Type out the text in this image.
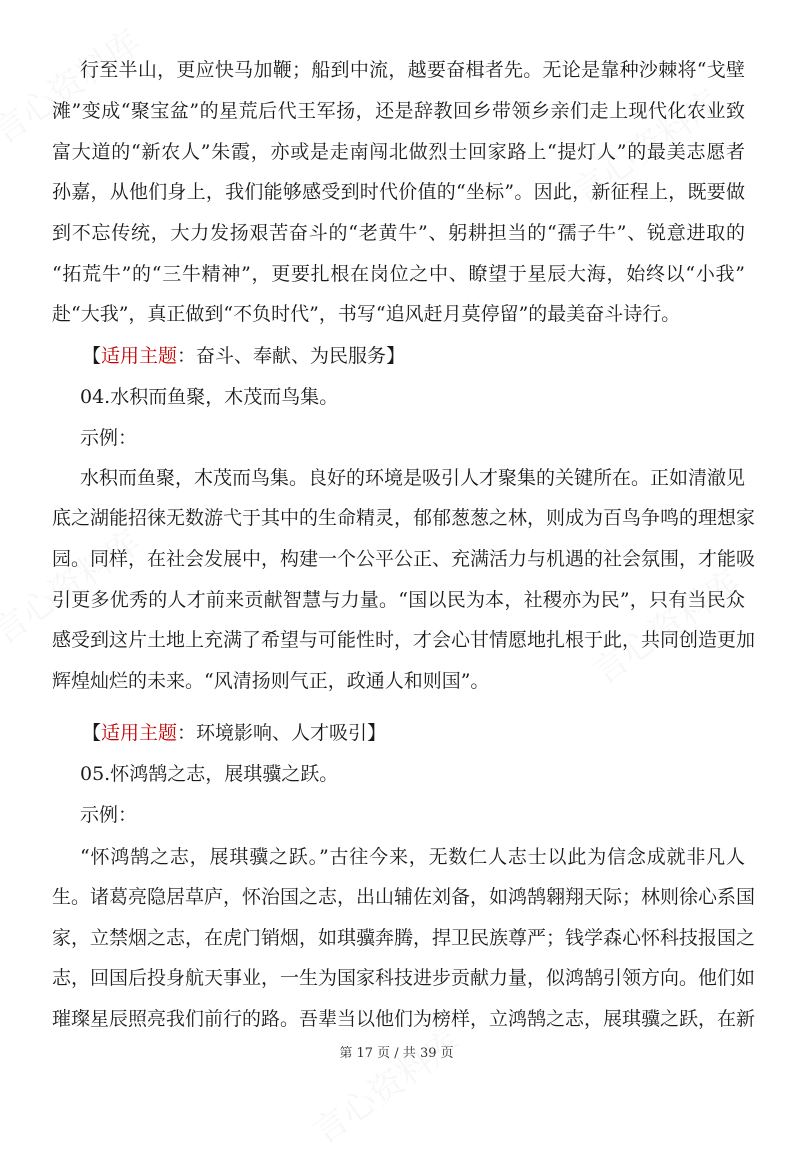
行至半山，更应快马加鞭；船到中流，越要奋楫者先。无论是靠种沙棘将“戈壁
滩”变成“聚宝盆”的星荒后代王军扬，还是辞教回乡带领乡亲们走上现代化农业致
富大道的“新农人”朱霞，亦或是走南闯北做烈士回家路上“提灯人”的最美志愿者
孙嘉，从他们身上，我们能够感受到时代价值的“坐标”。因此，新征程上，既要做
到不忘传统，大力发扬艰苦奋斗的“老黄牛”、躬耕担当的“孺子牛”、锐意进取的
“拓荒牛”的“三牛精神”，更要扎根在岗位之中、瞭望于星辰大海，始终以“小我”
赴“大我”，真正做到“不负时代”，书写“追风赶月莫停留”的最美奋斗诗行。
【适用主题：奋斗、奉献、为民服务】
04.水积而鱼聚，木茂而鸟集。
示例：
水积而鱼聚，木茂而鸟集。良好的环境是吸引人才聚集的关键所在。正如清澈见
底之湖能招徕无数游弋于其中的生命精灵，郁郁葱葱之林，则成为百鸟争鸣的理想家
园。同样，在社会发展中，构建一个公平公正、充满活力与机遇的社会氛围，才能吸
引更多优秀的人才前来贡献智慧与力量。“国以民为本，社稷亦为民”，只有当民众
感受到这片土地上充满了希望与可能性时，才会心甘情愿地扎根于此，共同创造更加
辉煌灿烂的未来。“风清扬则气正，政通人和则国”。
【适用主题：环境影响、人才吸引】
05.怀鸿鹄之志，展琪骥之跃。
示例：
“怀鸿鹄之志，展琪骥之跃。”古往今来，无数仁人志士以此为信念成就非凡人
生。诸葛亮隐居草庐，怀治国之志，出山辅佐刘备，如鸿鹄翱翔天际；林则徐心系国
家，立禁烟之志，在虎门销烟，如琪骥奔腾，捍卫民族尊严；钱学森心怀科技报国之
志，回国后投身航天事业，一生为国家科技进步贡献力量，似鸿鹄引领方向。他们如
璀璨星辰照亮我们前行的路。吾辈当以他们为榜样，立鸿鹄之志，展琪骥之跃，在新
第 17 页 / 共 39 页
